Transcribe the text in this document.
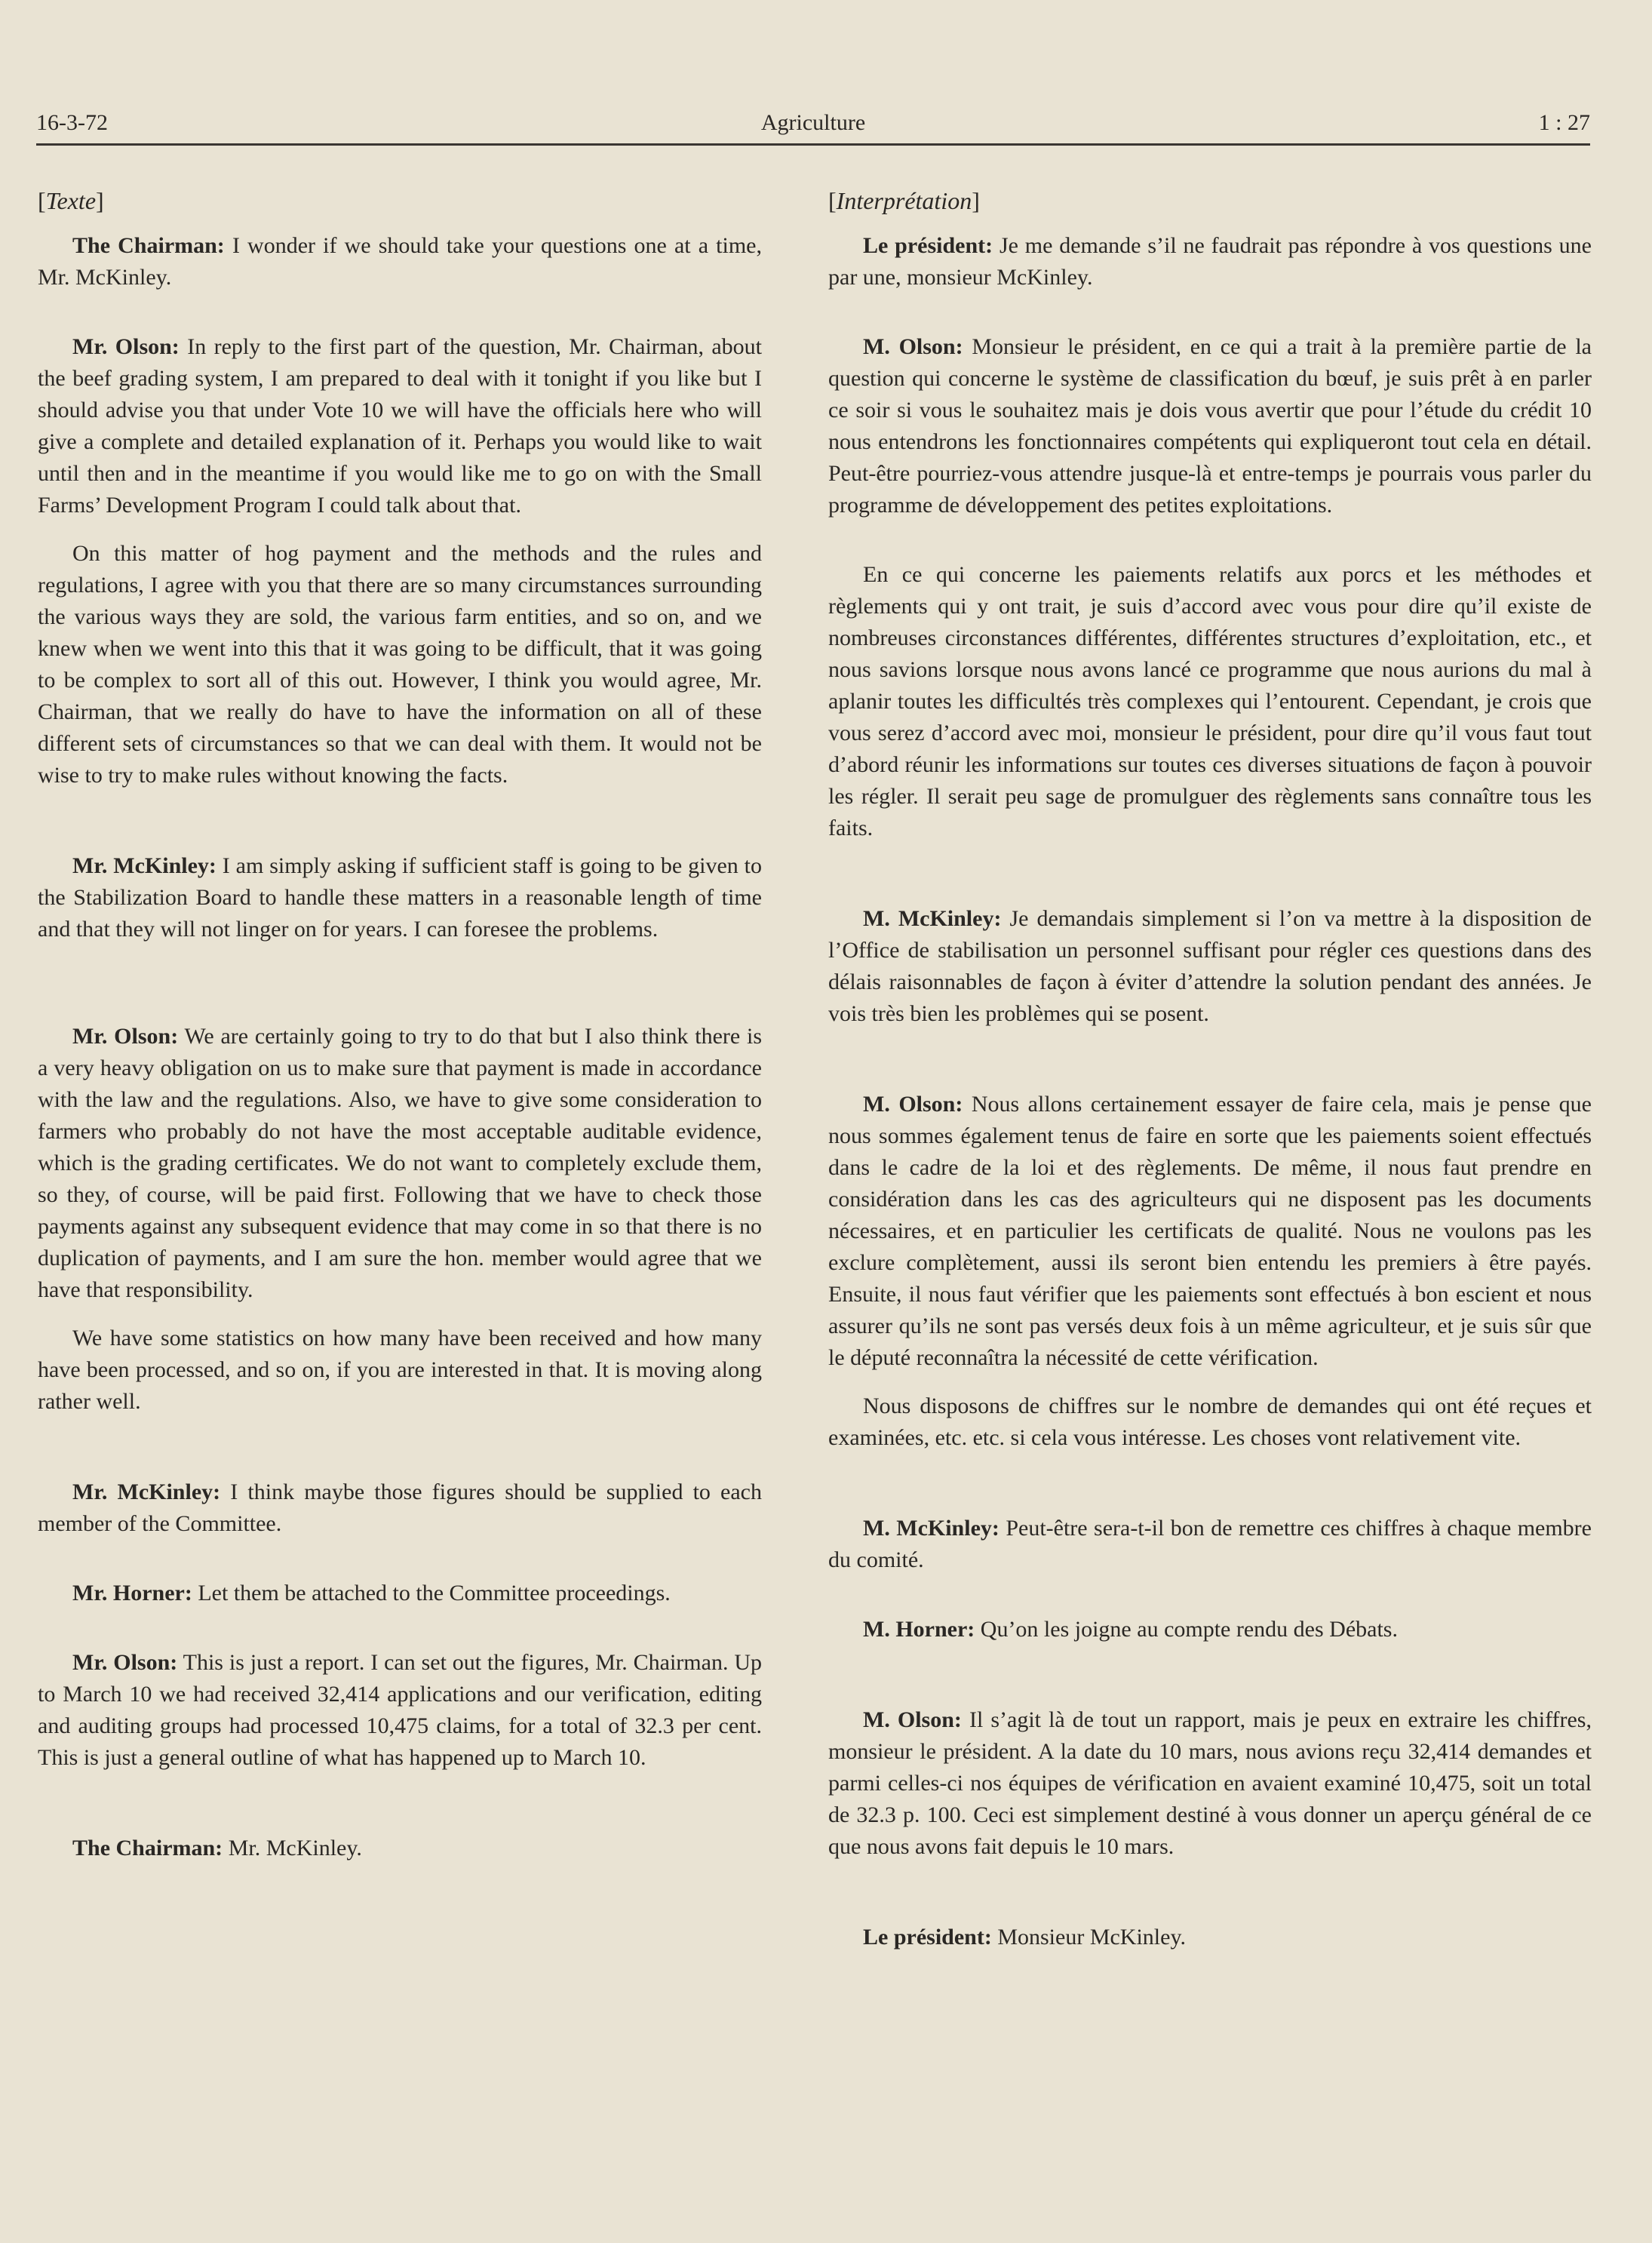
16-3-72	Agriculture	1 : 27
[Texte]

The Chairman: I wonder if we should take your questions one at a time, Mr. McKinley.

Mr. Olson: In reply to the first part of the question, Mr. Chairman, about the beef grading system, I am prepared to deal with it tonight if you like but I should advise you that under Vote 10 we will have the officials here who will give a complete and detailed explanation of it. Perhaps you would like to wait until then and in the meantime if you would like me to go on with the Small Farms’ Development Program I could talk about that.

On this matter of hog payment and the methods and the rules and regulations, I agree with you that there are so many circumstances surrounding the various ways they are sold, the various farm entities, and so on, and we knew when we went into this that it was going to be difficult, that it was going to be complex to sort all of this out. However, I think you would agree, Mr. Chairman, that we really do have to have the information on all of these different sets of circumstances so that we can deal with them. It would not be wise to try to make rules without knowing the facts.

Mr. McKinley: I am simply asking if sufficient staff is going to be given to the Stabilization Board to handle these matters in a reasonable length of time and that they will not linger on for years. I can foresee the problems.

Mr. Olson: We are certainly going to try to do that but I also think there is a very heavy obligation on us to make sure that payment is made in accordance with the law and the regulations. Also, we have to give some consideration to farmers who probably do not have the most acceptable auditable evidence, which is the grading certificates. We do not want to completely exclude them, so they, of course, will be paid first. Following that we have to check those payments against any subsequent evidence that may come in so that there is no duplication of payments, and I am sure the hon. member would agree that we have that responsibility.

We have some statistics on how many have been received and how many have been processed, and so on, if you are interested in that. It is moving along rather well.

Mr. McKinley: I think maybe those figures should be supplied to each member of the Committee.

Mr. Horner: Let them be attached to the Committee proceedings.

Mr. Olson: This is just a report. I can set out the figures, Mr. Chairman. Up to March 10 we had received 32,414 applications and our verification, editing and auditing groups had processed 10,475 claims, for a total of 32.3 per cent. This is just a general outline of what has happened up to March 10.

The Chairman: Mr. McKinley.

[Interprétation]

Le président: Je me demande s’il ne faudrait pas répondre à vos questions une par une, monsieur McKinley.

M. Olson: Monsieur le président, en ce qui a trait à la première partie de la question qui concerne le système de classification du bœuf, je suis prêt à en parler ce soir si vous le souhaitez mais je dois vous avertir que pour l’étude du crédit 10 nous entendrons les fonctionnaires compétents qui expliqueront tout cela en détail. Peut-être pourriez-vous attendre jusque-là et entre-temps je pourrais vous parler du programme de développement des petites exploitations.

En ce qui concerne les paiements relatifs aux porcs et les méthodes et règlements qui y ont trait, je suis d’accord avec vous pour dire qu’il existe de nombreuses circonstances différentes, différentes structures d’exploitation, etc., et nous savions lorsque nous avons lancé ce programme que nous aurions du mal à aplanir toutes les difficultés très complexes qui l’entourent. Cependant, je crois que vous serez d’accord avec moi, monsieur le président, pour dire qu’il vous faut tout d’abord réunir les informations sur toutes ces diverses situations de façon à pouvoir les régler. Il serait peu sage de promulguer des règlements sans connaître tous les faits.

M. McKinley: Je demandais simplement si l’on va mettre à la disposition de l’Office de stabilisation un personnel suffisant pour régler ces questions dans des délais raisonnables de façon à éviter d’attendre la solution pendant des années. Je vois très bien les problèmes qui se posent.

M. Olson: Nous allons certainement essayer de faire cela, mais je pense que nous sommes également tenus de faire en sorte que les paiements soient effectués dans le cadre de la loi et des règlements. De même, il nous faut prendre en considération dans les cas des agriculteurs qui ne disposent pas les documents nécessaires, et en particulier les certificats de qualité. Nous ne voulons pas les exclure complètement, aussi ils seront bien entendu les premiers à être payés. Ensuite, il nous faut vérifier que les paiements sont effectués à bon escient et nous assurer qu’ils ne sont pas versés deux fois à un même agriculteur, et je suis sûr que le député reconnaîtra la nécessité de cette vérification.

Nous disposons de chiffres sur le nombre de demandes qui ont été reçues et examinées, etc. etc. si cela vous intéresse. Les choses vont relativement vite.

M. McKinley: Peut-être sera-t-il bon de remettre ces chiffres à chaque membre du comité.

M. Horner: Qu’on les joigne au compte rendu des Débats.

M. Olson: Il s’agit là de tout un rapport, mais je peux en extraire les chiffres, monsieur le président. A la date du 10 mars, nous avions reçu 32,414 demandes et parmi celles-ci nos équipes de vérification en avaient examiné 10,475, soit un total de 32.3 p. 100. Ceci est simplement destiné à vous donner un aperçu général de ce que nous avons fait depuis le 10 mars.

Le président: Monsieur McKinley.
